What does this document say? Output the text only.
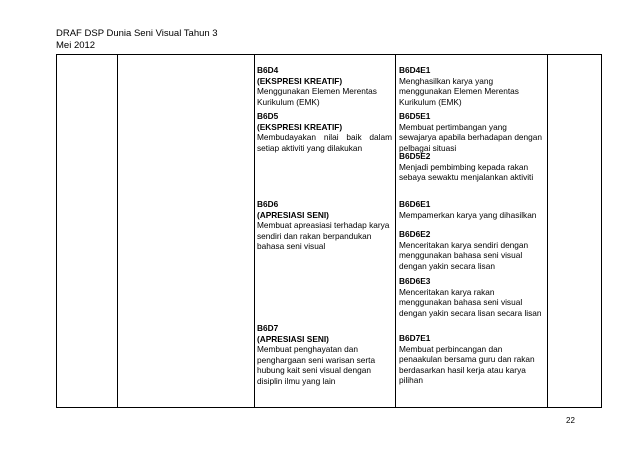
DRAF DSP Dunia Seni Visual Tahun 3
Mei 2012
B6D4
(EKSPRESI KREATIF)
Menggunakan Elemen Merentas Kurikulum (EMK)
B6D5
(EKSPRESI KREATIF)
Membudayakan nilai baik dalam setiap aktiviti yang dilakukan
B6D6
(APRESIASI SENI)
Membuat apreasiasi terhadap karya sendiri dan rakan berpandukan bahasa seni visual
B6D7
(APRESIASI SENI)
Membuat penghayatan dan penghargaan seni warisan serta hubung kait seni visual dengan disiplin ilmu yang lain
B6D4E1
Menghasilkan karya yang menggunakan Elemen Merentas Kurikulum (EMK)
B6D5E1
Membuat pertimbangan yang sewajarya apabila berhadapan dengan pelbagai situasi
B6D5E2
Menjadi pembimbing kepada rakan sebaya sewaktu menjalankan aktiviti
B6D6E1
Mempamerkan karya yang dihasilkan
B6D6E2
Menceritakan karya sendiri dengan menggunakan bahasa seni visual dengan yakin secara lisan
B6D6E3
Menceritakan karya rakan menggunakan bahasa seni visual dengan yakin secara lisan secara lisan
B6D7E1
Membuat perbincangan dan penaakulan bersama guru dan rakan berdasarkan hasil kerja atau karya pilihan
22
